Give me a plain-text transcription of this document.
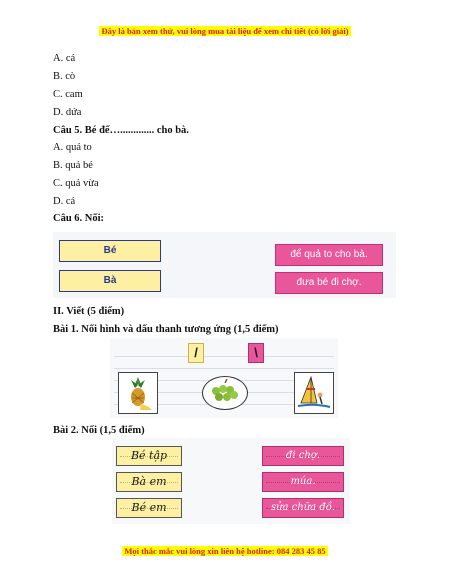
Đây là bản xem thử, vui lòng mua tài liệu để xem chi tiết (có lời giải)
A. cá
B. cò
C. cam
D. dứa
Câu 5. Bé đế…............. cho bà.
A. quả to
B. quả bé
C. quả vừa
D. cá
Câu 6. Nối:
Bé
Bà
để quả to cho bà.
đưa bé đi chợ.
II. Viết (5 điểm)
Bài 1. Nối hình và dấu thanh tương ứng (1,5 điểm)
/	\
Bài 2. Nối (1,5 điểm)
Bé tập
Bà em
Bé em
đi chợ.
múa.
sửa chữa đồ.
Mọi thắc mắc vui lòng xin liên hệ hotline: 084 283 45 85
